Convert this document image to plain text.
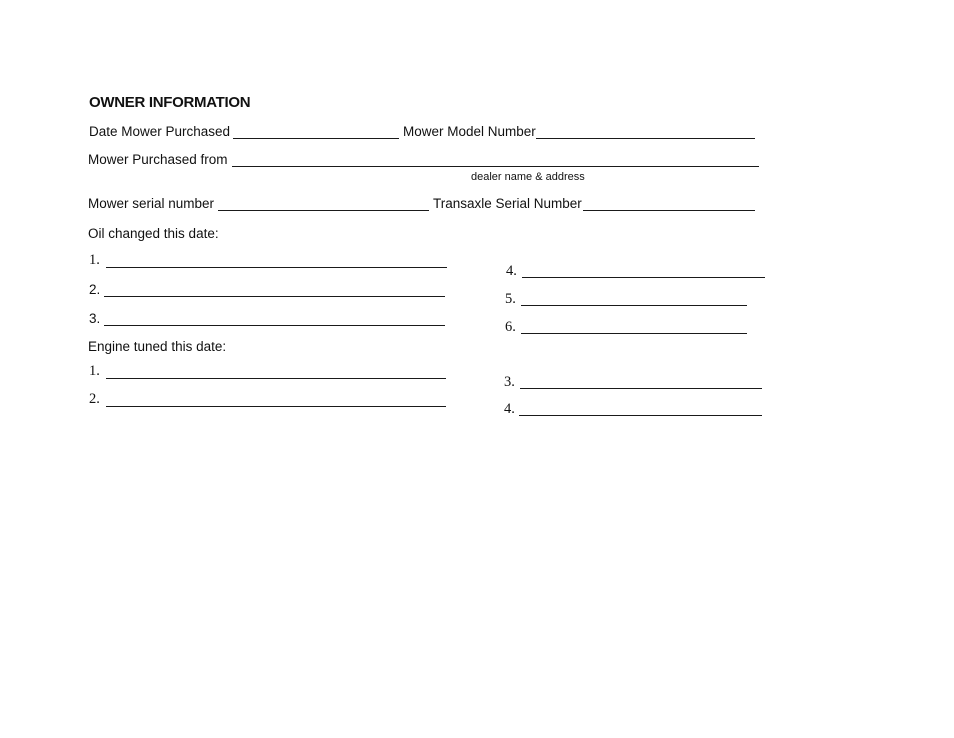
OWNER INFORMATION
Date Mower Purchased	Mower Model Number
Mower Purchased from
dealer name & address
Mower serial number	Transaxle Serial Number
Oil changed this date:
1.
2.
3.
4.
5.
6.
Engine tuned this date:
1.
2.
3.
4.
